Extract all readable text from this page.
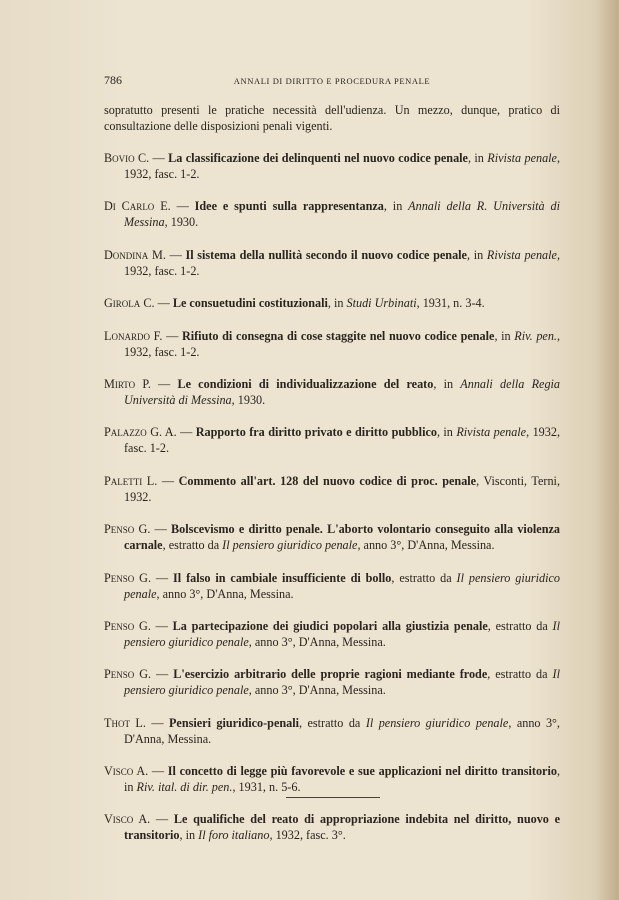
786	ANNALI DI DIRITTO E PROCEDURA PENALE

sopratutto presenti le pratiche necessità dell'udienza. Un mezzo, dunque, pratico di consultazione delle disposizioni penali vigenti.

Bovio C. — La classificazione dei delinquenti nel nuovo codice penale, in Rivista penale, 1932, fasc. 1-2.

Di Carlo E. — Idee e spunti sulla rappresentanza, in Annali della R. Università di Messina, 1930.

Dondina M. — Il sistema della nullità secondo il nuovo codice penale, in Rivista penale, 1932, fasc. 1-2.

Girola C. — Le consuetudini costituzionali, in Studi Urbinati, 1931, n. 3-4.

Lonardo F. — Rifiuto di consegna di cose staggite nel nuovo codice penale, in Riv. pen., 1932, fasc. 1-2.

Mirto P. — Le condizioni di individualizzazione del reato, in Annali della Regia Università di Messina, 1930.

Palazzo G. A. — Rapporto fra diritto privato e diritto pubblico, in Rivista penale, 1932, fasc. 1-2.

Paletti L. — Commento all'art. 128 del nuovo codice di proc. penale, Visconti, Terni, 1932.

Penso G. — Bolscevismo e diritto penale. L'aborto volontario conseguito alla violenza carnale, estratto da Il pensiero giuridico penale, anno 3°, D'Anna, Messina.

Penso G. — Il falso in cambiale insufficiente di bollo, estratto da Il pensiero giuridico penale, anno 3°, D'Anna, Messina.

Penso G. — La partecipazione dei giudici popolari alla giustizia penale, estratto da Il pensiero giuridico penale, anno 3°, D'Anna, Messina.

Penso G. — L'esercizio arbitrario delle proprie ragioni mediante frode, estratto da Il pensiero giuridico penale, anno 3°, D'Anna, Messina.

Thot L. — Pensieri giuridico-penali, estratto da Il pensiero giuridico penale, anno 3°, D'Anna, Messina.

Visco A. — Il concetto di legge più favorevole e sue applicazioni nel diritto transitorio, in Riv. ital. di dir. pen., 1931, n. 5-6.

Visco A. — Le qualifiche del reato di appropriazione indebita nel diritto, nuovo e transitorio, in Il foro italiano, 1932, fasc. 3°.
